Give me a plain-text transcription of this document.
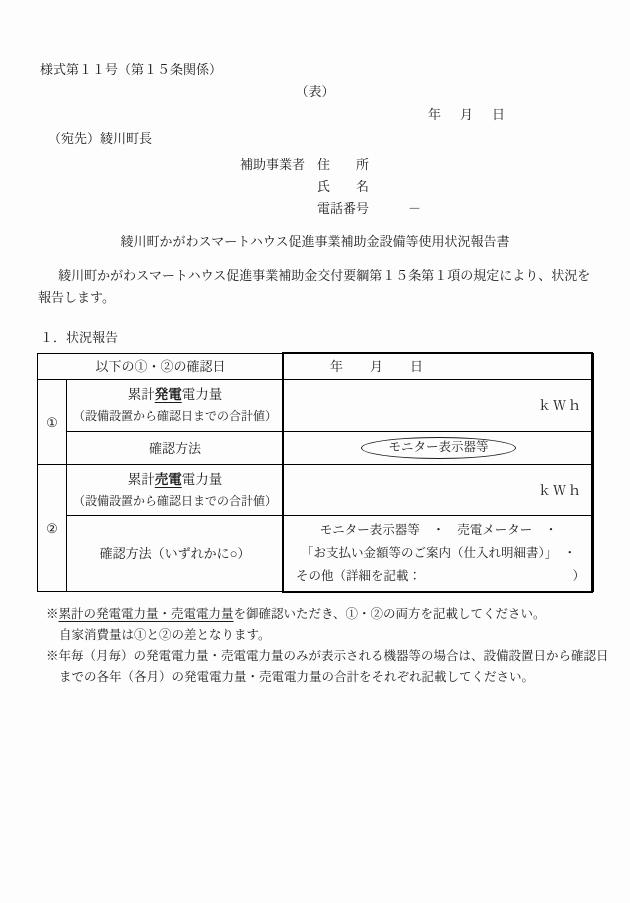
様式第１１号（第１５条関係）
（表）
年　月　日
（宛先）綾川町長
補助事業者 住　　所
氏　　名
電話番号　　　－
綾川町かがわスマートハウス促進事業補助金設備等使用状況報告書
綾川町かがわスマートハウス促進事業補助金交付要綱第１５条第１項の規定により、状況を報告します。
１．状況報告
以下の①・②の確認日		年　月　日
①	累計発電電力量
（設備設置から確認日までの合計値）	ｋＷｈ
	確認方法	モニター表示器等
②	累計売電電力量
（設備設置から確認日までの合計値）	ｋＷｈ
	確認方法（いずれかに○）	モニター表示器等　・　売電メーター　・
「お支払い金額等のご案内（仕入れ明細書）」　・
その他（詳細を記載： ）
※累計の発電電力量・売電電力量を御確認いただき、①・②の両方を記載してください。
自家消費量は①と②の差となります。
※年毎（月毎）の発電電力量・売電電力量のみが表示される機器等の場合は、設備設置日から確認日
までの各年（各月）の発電電力量・売電電力量の合計をそれぞれ記載してください。
